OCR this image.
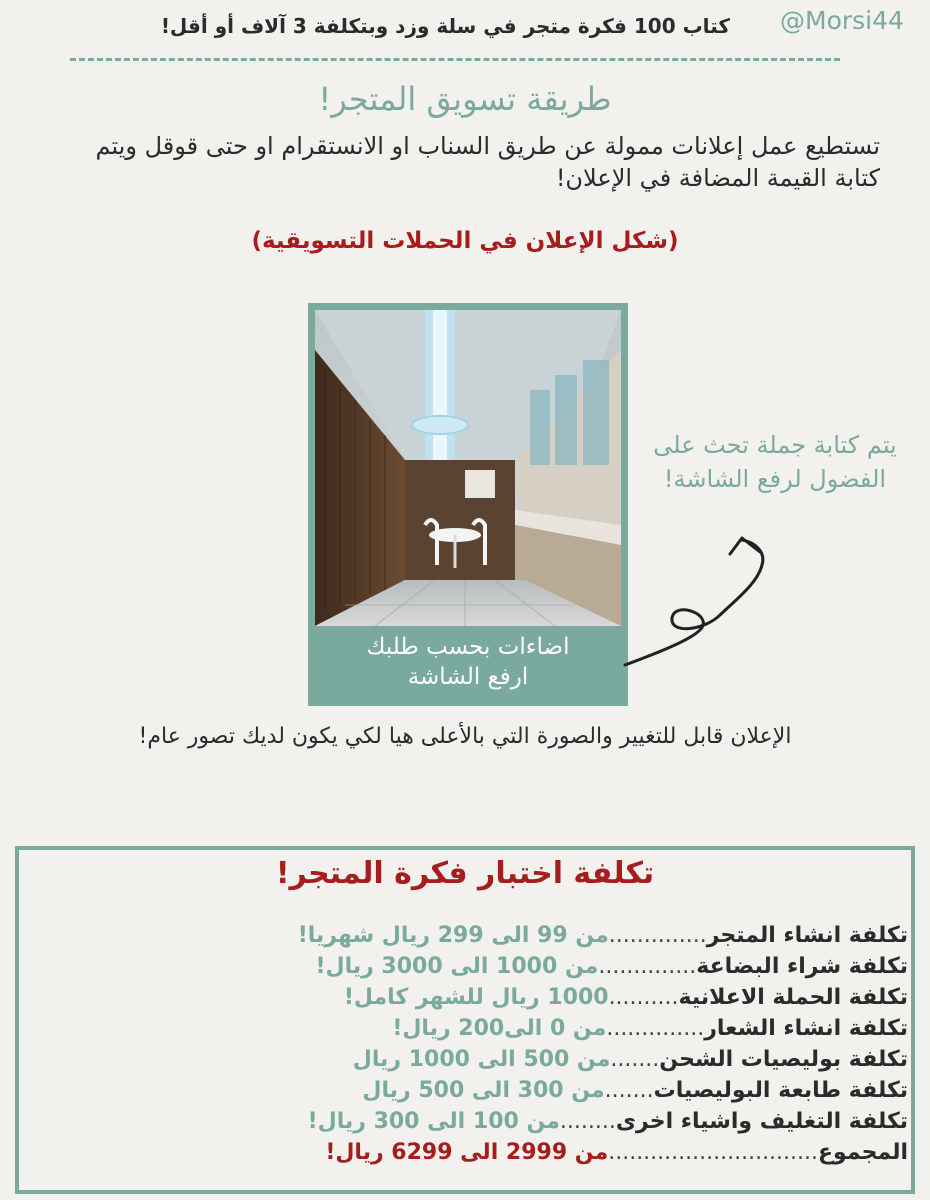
@Morsi44
كتاب 100 فكرة متجر في سلة وزد وبتكلفة 3 آلاف أو أقل!
طريقة تسويق المتجر!
تستطيع عمل إعلانات ممولة عن طريق السناب او الانستقرام او حتى قوقل ويتم كتابة القيمة المضافة في الإعلان!
(شكل الإعلان في الحملات التسويقية)
اضاءات بحسب طلبك
ارفع الشاشة
يتم كتابة جملة تحث على الفضول لرفع الشاشة!
الإعلان قابل للتغيير والصورة التي بالأعلى هيا لكي يكون لديك تصور عام!
تكلفة اختبار فكرة المتجر!
تكلفة انشاء المتجر..............من 99 الى 299 ريال شهريا!
تكلفة شراء البضاعة..............من 1000 الى 3000 ريال!
تكلفة الحملة الاعلانية..........1000 ريال للشهر كامل!
تكلفة انشاء الشعار..............من 0 الى200 ريال!
تكلفة بوليصيات الشحن.......من 500 الى 1000 ريال
تكلفة طابعة البوليصيات.......من 300 الى 500 ريال
تكلفة التغليف واشياء اخرى........من 100 الى 300 ريال!
المجموع..............................من 2999 الى 6299 ريال!
